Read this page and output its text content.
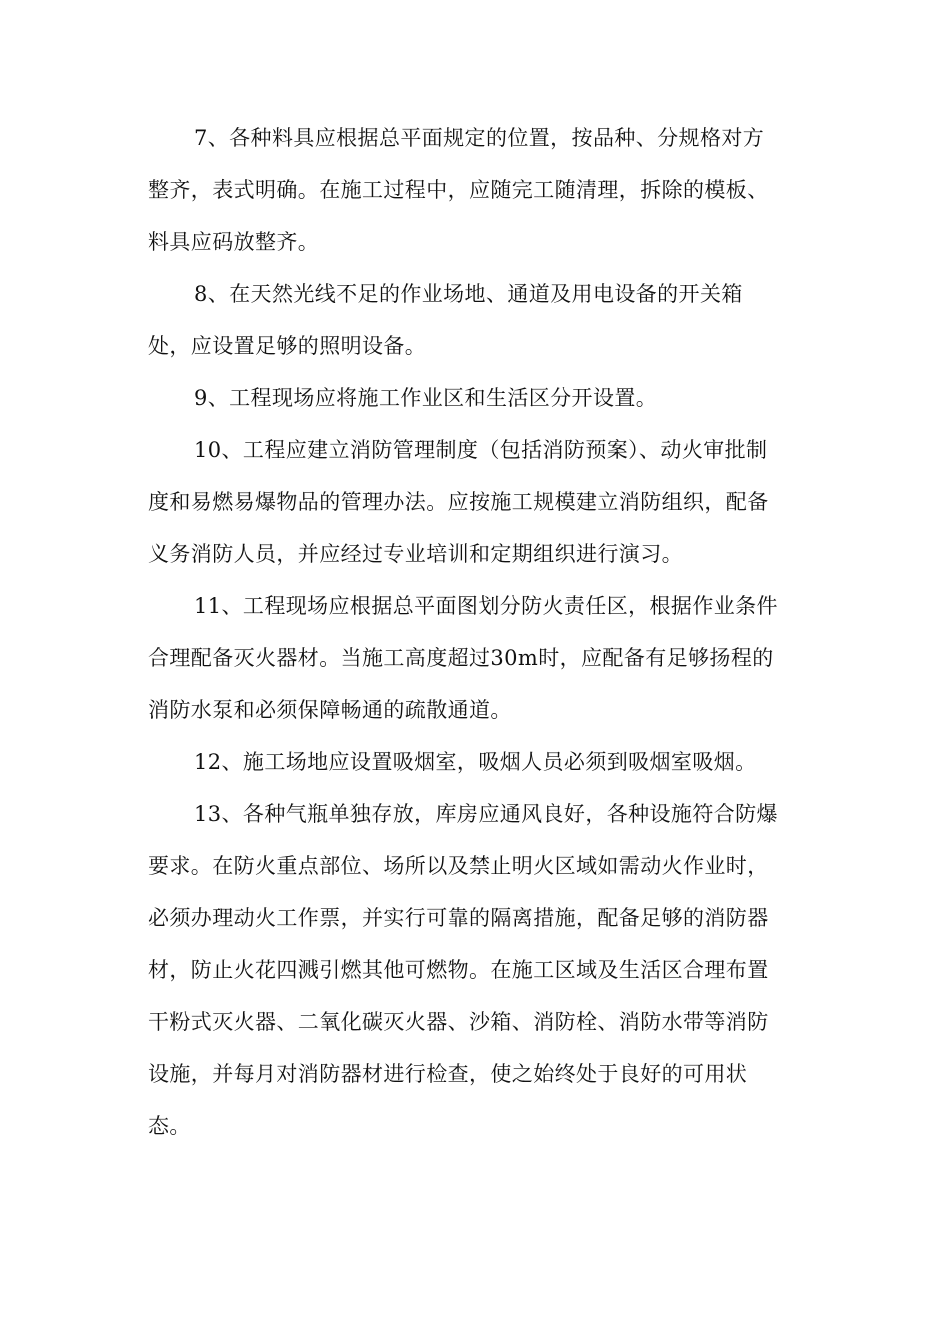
7、各种料具应根据总平面规定的位置，按品种、分规格对方
整齐，表式明确。在施工过程中，应随完工随清理，拆除的模板、
料具应码放整齐。
8、在天然光线不足的作业场地、通道及用电设备的开关箱
处，应设置足够的照明设备。
9、工程现场应将施工作业区和生活区分开设置。
10、工程应建立消防管理制度（包括消防预案）、动火审批制
度和易燃易爆物品的管理办法。应按施工规模建立消防组织，配备
义务消防人员，并应经过专业培训和定期组织进行演习。
11、工程现场应根据总平面图划分防火责任区，根据作业条件
合理配备灭火器材。当施工高度超过30m时，应配备有足够扬程的
消防水泵和必须保障畅通的疏散通道。
12、施工场地应设置吸烟室，吸烟人员必须到吸烟室吸烟。
13、各种气瓶单独存放，库房应通风良好，各种设施符合防爆
要求。在防火重点部位、场所以及禁止明火区域如需动火作业时，
必须办理动火工作票，并实行可靠的隔离措施，配备足够的消防器
材，防止火花四溅引燃其他可燃物。在施工区域及生活区合理布置
干粉式灭火器、二氧化碳灭火器、沙箱、消防栓、消防水带等消防
设施，并每月对消防器材进行检查，使之始终处于良好的可用状
态。
